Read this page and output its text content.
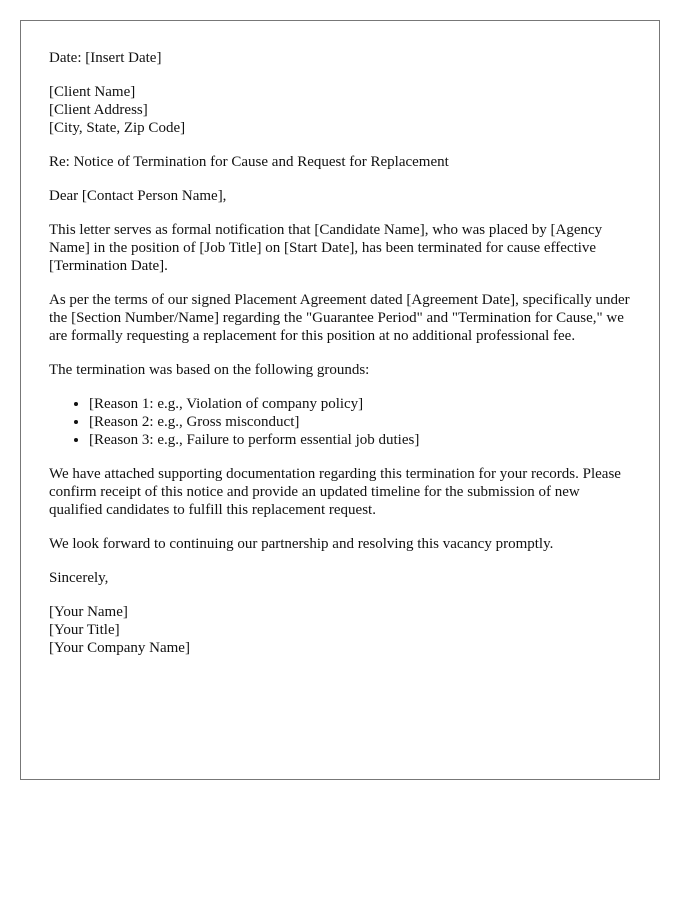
Date: [Insert Date]

[Client Name]
[Client Address]
[City, State, Zip Code]

Re: Notice of Termination for Cause and Request for Replacement

Dear [Contact Person Name],

This letter serves as formal notification that [Candidate Name], who was placed by [Agency Name] in the position of [Job Title] on [Start Date], has been terminated for cause effective [Termination Date].

As per the terms of our signed Placement Agreement dated [Agreement Date], specifically under the [Section Number/Name] regarding the "Guarantee Period" and "Termination for Cause," we are formally requesting a replacement for this position at no additional professional fee.

The termination was based on the following grounds:

• [Reason 1: e.g., Violation of company policy]
• [Reason 2: e.g., Gross misconduct]
• [Reason 3: e.g., Failure to perform essential job duties]

We have attached supporting documentation regarding this termination for your records. Please confirm receipt of this notice and provide an updated timeline for the submission of new qualified candidates to fulfill this replacement request.

We look forward to continuing our partnership and resolving this vacancy promptly.

Sincerely,

[Your Name]
[Your Title]
[Your Company Name]
